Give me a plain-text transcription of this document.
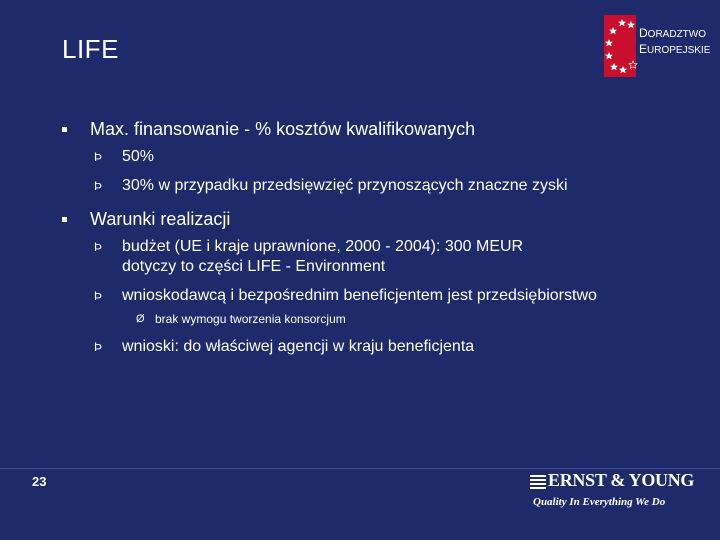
LIFE
DORADZTWO
EUROPEJSKIE
Max. finansowanie - % kosztów kwalifikowanych
Þ 50%
Þ 30% w przypadku przedsięwzięć przynoszących znaczne zyski
Warunki realizacji
Þ budżet (UE i kraje uprawnione, 2000 - 2004): 300 MEUR
dotyczy to części LIFE - Environment
Þ wnioskodawcą i bezpośrednim beneficjentem jest przedsiębiorstwo
Ø brak wymogu tworzenia konsorcjum
Þ wnioski: do właściwej agencji w kraju beneficjenta
23	ERNST & YOUNG
Quality In Everything We Do
